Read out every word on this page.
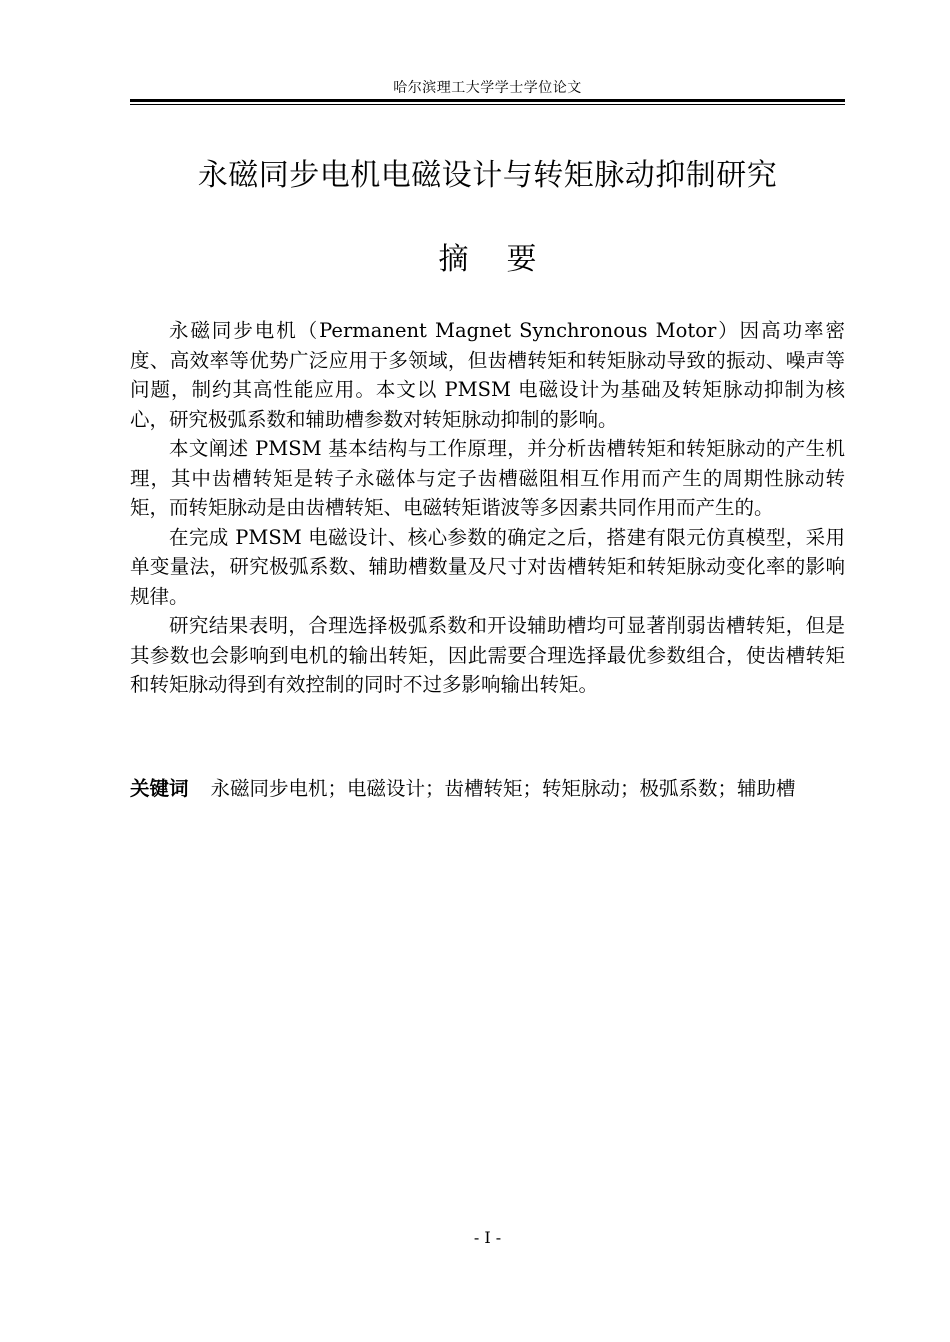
哈尔滨理工大学学士学位论文
永磁同步电机电磁设计与转矩脉动抑制研究
摘要

永磁同步电机（Permanent Magnet Synchronous Motor）因高功率密度、高效率等优势广泛应用于多领域，但齿槽转矩和转矩脉动导致的振动、噪声等问题，制约其高性能应用。本文以 PMSM 电磁设计为基础及转矩脉动抑制为核心，研究极弧系数和辅助槽参数对转矩脉动抑制的影响。

本文阐述 PMSM 基本结构与工作原理，并分析齿槽转矩和转矩脉动的产生机理，其中齿槽转矩是转子永磁体与定子齿槽磁阻相互作用而产生的周期性脉动转矩，而转矩脉动是由齿槽转矩、电磁转矩谐波等多因素共同作用而产生的。

在完成 PMSM 电磁设计、核心参数的确定之后，搭建有限元仿真模型，采用单变量法，研究极弧系数、辅助槽数量及尺寸对齿槽转矩和转矩脉动变化率的影响规律。

研究结果表明，合理选择极弧系数和开设辅助槽均可显著削弱齿槽转矩，但是其参数也会影响到电机的输出转矩，因此需要合理选择最优参数组合，使齿槽转矩和转矩脉动得到有效控制的同时不过多影响输出转矩。

关键词 永磁同步电机；电磁设计；齿槽转矩；转矩脉动；极弧系数；辅助槽
- I -
